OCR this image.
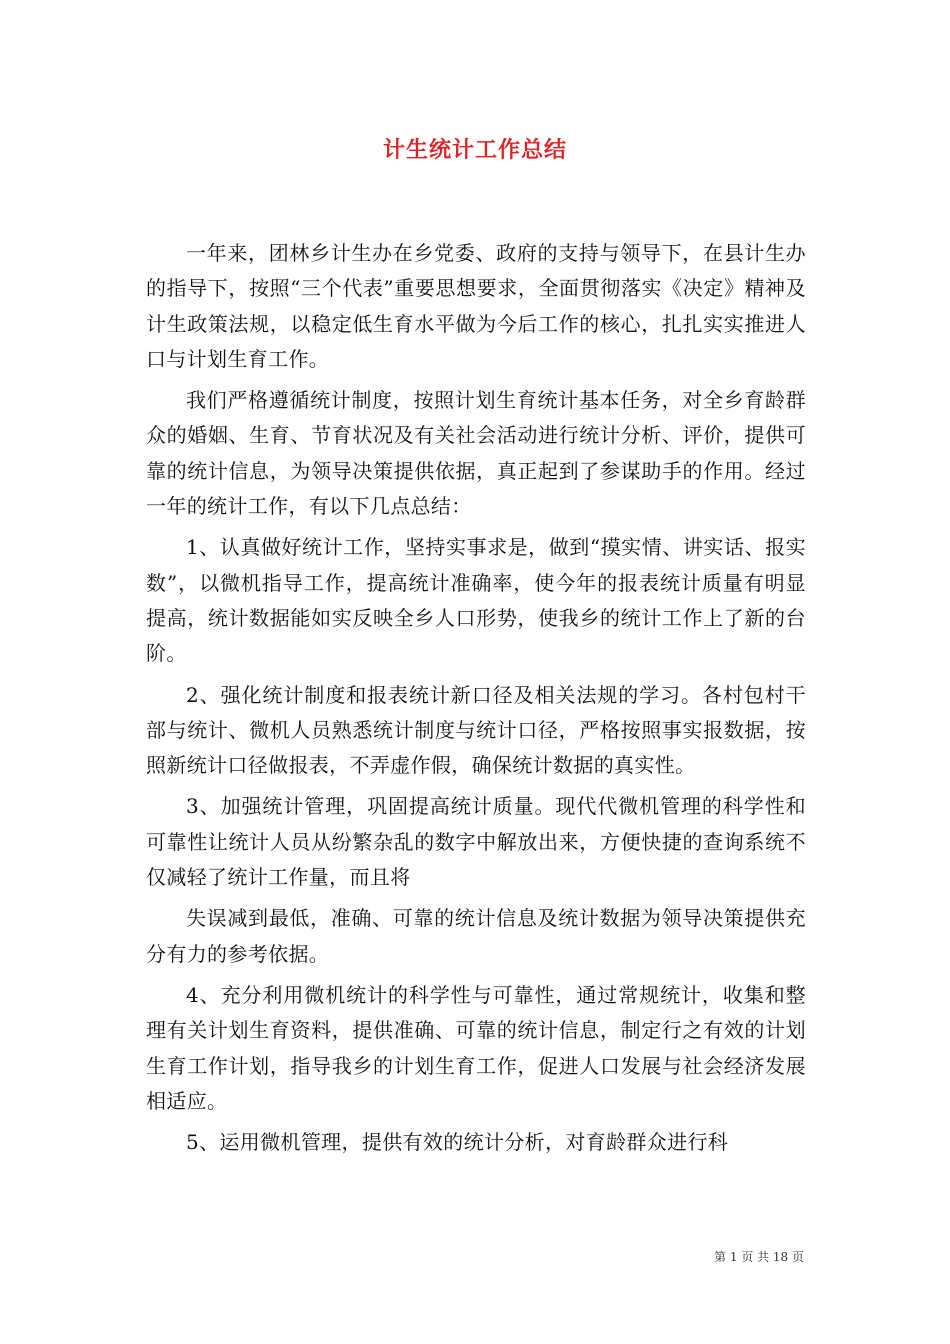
计生统计工作总结

一年来，团林乡计生办在乡党委、政府的支持与领导下，在县计生办的指导下，按照“三个代表”重要思想要求，全面贯彻落实《决定》精神及计生政策法规，以稳定低生育水平做为今后工作的核心，扎扎实实推进人口与计划生育工作。

我们严格遵循统计制度，按照计划生育统计基本任务，对全乡育龄群众的婚姻、生育、节育状况及有关社会活动进行统计分析、评价，提供可靠的统计信息，为领导决策提供依据，真正起到了参谋助手的作用。经过一年的统计工作，有以下几点总结：

1、认真做好统计工作，坚持实事求是，做到“摸实情、讲实话、报实数”，以微机指导工作，提高统计准确率，使今年的报表统计质量有明显提高，统计数据能如实反映全乡人口形势，使我乡的统计工作上了新的台阶。

2、强化统计制度和报表统计新口径及相关法规的学习。各村包村干部与统计、微机人员熟悉统计制度与统计口径，严格按照事实报数据，按照新统计口径做报表，不弄虚作假，确保统计数据的真实性。

3、加强统计管理，巩固提高统计质量。现代代微机管理的科学性和可靠性让统计人员从纷繁杂乱的数字中解放出来，方便快捷的查询系统不仅减轻了统计工作量，而且将

失误减到最低，准确、可靠的统计信息及统计数据为领导决策提供充分有力的参考依据。

4、充分利用微机统计的科学性与可靠性，通过常规统计，收集和整理有关计划生育资料，提供准确、可靠的统计信息，制定行之有效的计划生育工作计划，指导我乡的计划生育工作，促进人口发展与社会经济发展相适应。

5、运用微机管理，提供有效的统计分析，对育龄群众进行科

第 1 页 共 18 页
